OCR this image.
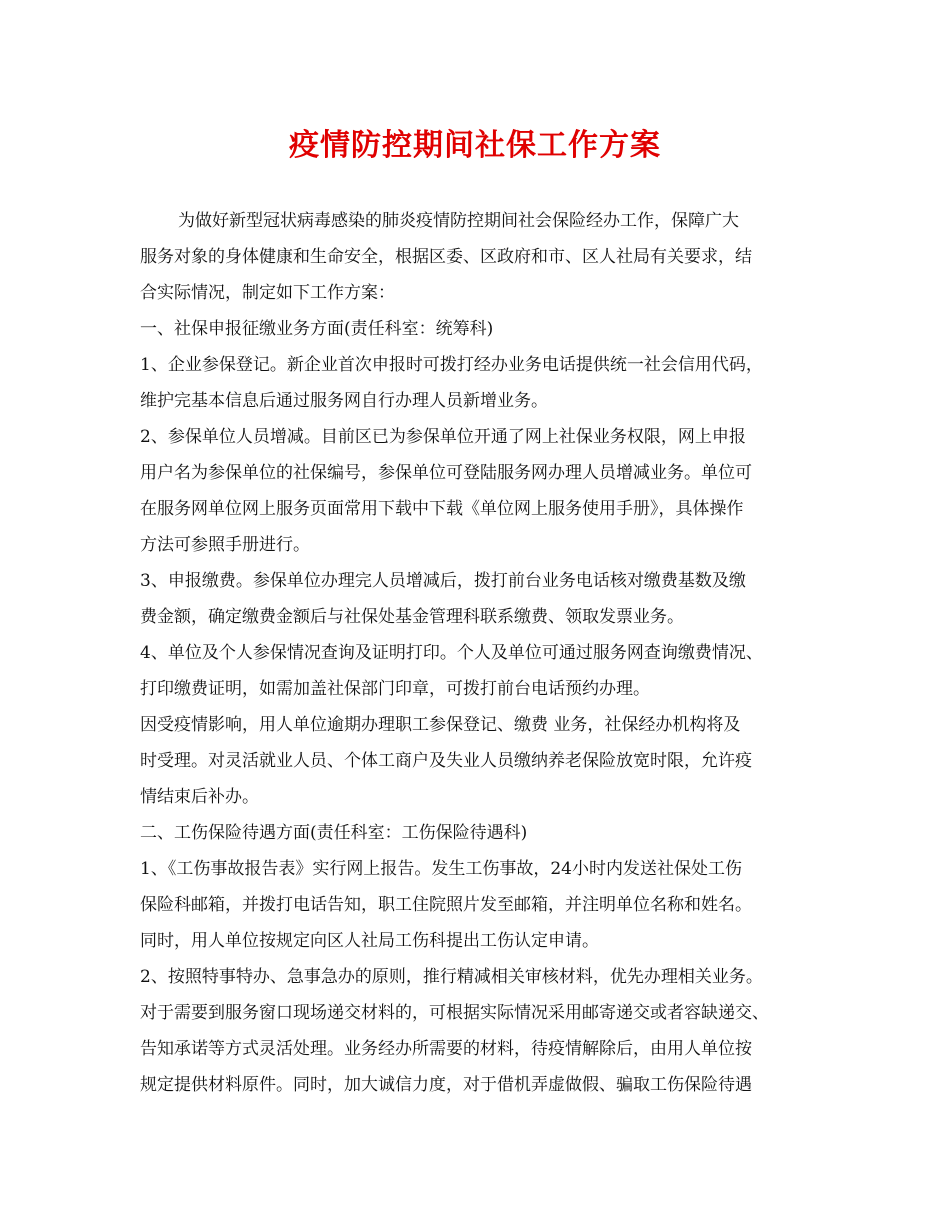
疫情防控期间社保工作方案
为做好新型冠状病毒感染的肺炎疫情防控期间社会保险经办工作，保障广大
服务对象的身体健康和生命安全，根据区委、区政府和市、区人社局有关要求，结
合实际情况，制定如下工作方案：
一、社保申报征缴业务方面(责任科室：统筹科)
1、企业参保登记。新企业首次申报时可拨打经办业务电话提供统一社会信用代码，
维护完基本信息后通过服务网自行办理人员新增业务。
2、参保单位人员增减。目前区已为参保单位开通了网上社保业务权限，网上申报
用户名为参保单位的社保编号，参保单位可登陆服务网办理人员增减业务。单位可
在服务网单位网上服务页面常用下载中下载《单位网上服务使用手册》，具体操作
方法可参照手册进行。
3、申报缴费。参保单位办理完人员增减后，拨打前台业务电话核对缴费基数及缴
费金额，确定缴费金额后与社保处基金管理科联系缴费、领取发票业务。
4、单位及个人参保情况查询及证明打印。个人及单位可通过服务网查询缴费情况、
打印缴费证明，如需加盖社保部门印章，可拨打前台电话预约办理。
因受疫情影响，用人单位逾期办理职工参保登记、缴费 业务，社保经办机构将及
时受理。对灵活就业人员、个体工商户及失业人员缴纳养老保险放宽时限，允许疫
情结束后补办。
二、工伤保险待遇方面(责任科室：工伤保险待遇科)
1、《工伤事故报告表》实行网上报告。发生工伤事故，24小时内发送社保处工伤
保险科邮箱，并拨打电话告知，职工住院照片发至邮箱，并注明单位名称和姓名。
同时，用人单位按规定向区人社局工伤科提出工伤认定申请。
2、按照特事特办、急事急办的原则，推行精减相关审核材料，优先办理相关业务。
对于需要到服务窗口现场递交材料的，可根据实际情况采用邮寄递交或者容缺递交、
告知承诺等方式灵活处理。业务经办所需要的材料，待疫情解除后，由用人单位按
规定提供材料原件。同时，加大诚信力度，对于借机弄虚做假、骗取工伤保险待遇
